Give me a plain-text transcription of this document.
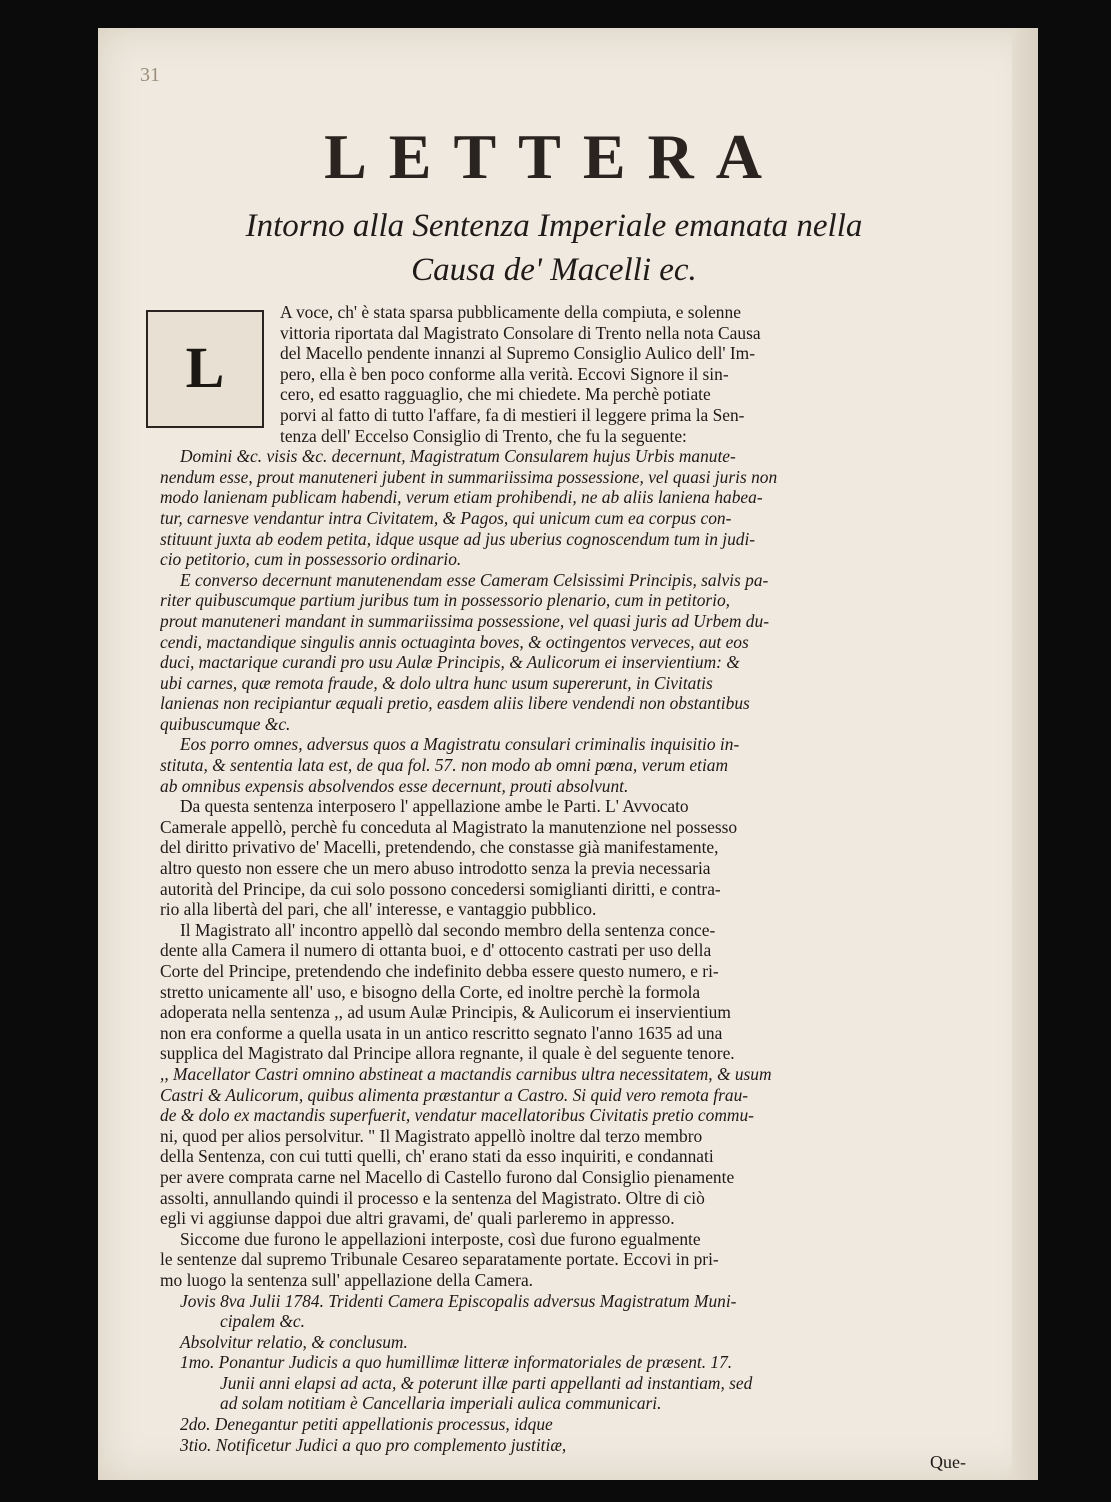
31
LETTERA
Intorno alla Sentenza Imperiale emanata nella
Causa de' Macelli ec.
L
A voce, ch' è stata sparsa pubblicamente della compiuta, e solenne
vittoria riportata dal Magistrato Consolare di Trento nella nota Causa
del Macello pendente innanzi al Supremo Consiglio Aulico dell' Im-
pero, ella è ben poco conforme alla verità. Eccovi Signore il sin-
cero, ed esatto ragguaglio, che mi chiedete. Ma perchè potiate
porvi al fatto di tutto l'affare, fa di mestieri il leggere prima la Sen-
tenza dell' Eccelso Consiglio di Trento, che fu la seguente:
Domini &c. visis &c. decernunt, Magistratum Consularem hujus Urbis manute-
nendum esse, prout manuteneri jubent in summariissima possessione, vel quasi juris non
modo lanienam publicam habendi, verum etiam prohibendi, ne ab aliis laniena habea-
tur, carnesve vendantur intra Civitatem, & Pagos, qui unicum cum ea corpus con-
stituunt juxta ab eodem petita, idque usque ad jus uberius cognoscendum tum in judi-
cio petitorio, cum in possessorio ordinario.
E converso decernunt manutenendam esse Cameram Celsissimi Principis, salvis pa-
riter quibuscumque partium juribus tum in possessorio plenario, cum in petitorio,
prout manuteneri mandant in summariissima possessione, vel quasi juris ad Urbem du-
cendi, mactandique singulis annis octuaginta boves, & octingentos verveces, aut eos
duci, mactarique curandi pro usu Aulæ Principis, & Aulicorum ei inservientium: &
ubi carnes, quæ remota fraude, & dolo ultra hunc usum supererunt, in Civitatis
lanienas non recipiantur æquali pretio, easdem aliis libere vendendi non obstantibus
quibuscumque &c.
Eos porro omnes, adversus quos a Magistratu consulari criminalis inquisitio in-
stituta, & sententia lata est, de qua fol. 57. non modo ab omni pœna, verum etiam
ab omnibus expensis absolvendos esse decernunt, prouti absolvunt.
Da questa sentenza interposero l' appellazione ambe le Parti. L' Avvocato
Camerale appellò, perchè fu conceduta al Magistrato la manutenzione nel possesso
del diritto privativo de' Macelli, pretendendo, che constasse già manifestamente,
altro questo non essere che un mero abuso introdotto senza la previa necessaria
autorità del Principe, da cui solo possono concedersi somiglianti diritti, e contra-
rio alla libertà del pari, che all' interesse, e vantaggio pubblico.
Il Magistrato all' incontro appellò dal secondo membro della sentenza conce-
dente alla Camera il numero di ottanta buoi, e d' ottocento castrati per uso della
Corte del Principe, pretendendo che indefinito debba essere questo numero, e ri-
stretto unicamente all' uso, e bisogno della Corte, ed inoltre perchè la formola
adoperata nella sentenza ,, ad usum Aulæ Principis, & Aulicorum ei inservientium
non era conforme a quella usata in un antico rescritto segnato l'anno 1635 ad una
supplica del Magistrato dal Principe allora regnante, il quale è del seguente tenore.
,, Macellator Castri omnino abstineat a mactandis carnibus ultra necessitatem, & usum
Castri & Aulicorum, quibus alimenta præstantur a Castro. Si quid vero remota frau-
de & dolo ex mactandis superfuerit, vendatur macellatoribus Civitatis pretio commu-
ni, quod per alios persolvitur. " Il Magistrato appellò inoltre dal terzo membro
della Sentenza, con cui tutti quelli, ch' erano stati da esso inquiriti, e condannati
per avere comprata carne nel Macello di Castello furono dal Consiglio pienamente
assolti, annullando quindi il processo e la sentenza del Magistrato. Oltre di ciò
egli vi aggiunse dappoi due altri gravami, de' quali parleremo in appresso.
Siccome due furono le appellazioni interposte, così due furono egualmente
le sentenze dal supremo Tribunale Cesareo separatamente portate. Eccovi in pri-
mo luogo la sentenza sull' appellazione della Camera.
Jovis 8va Julii 1784. Tridenti Camera Episcopalis adversus Magistratum Muni-
cipalem &c.
Absolvitur relatio, & conclusum.
1mo. Ponantur Judicis a quo humillimæ litteræ informatoriales de præsent. 17.
Junii anni elapsi ad acta, & poterunt illæ parti appellanti ad instantiam, sed
ad solam notitiam è Cancellaria imperiali aulica communicari.
2do. Denegantur petiti appellationis processus, idque
3tio. Notificetur Judici a quo pro complemento justitiæ,
Que-
